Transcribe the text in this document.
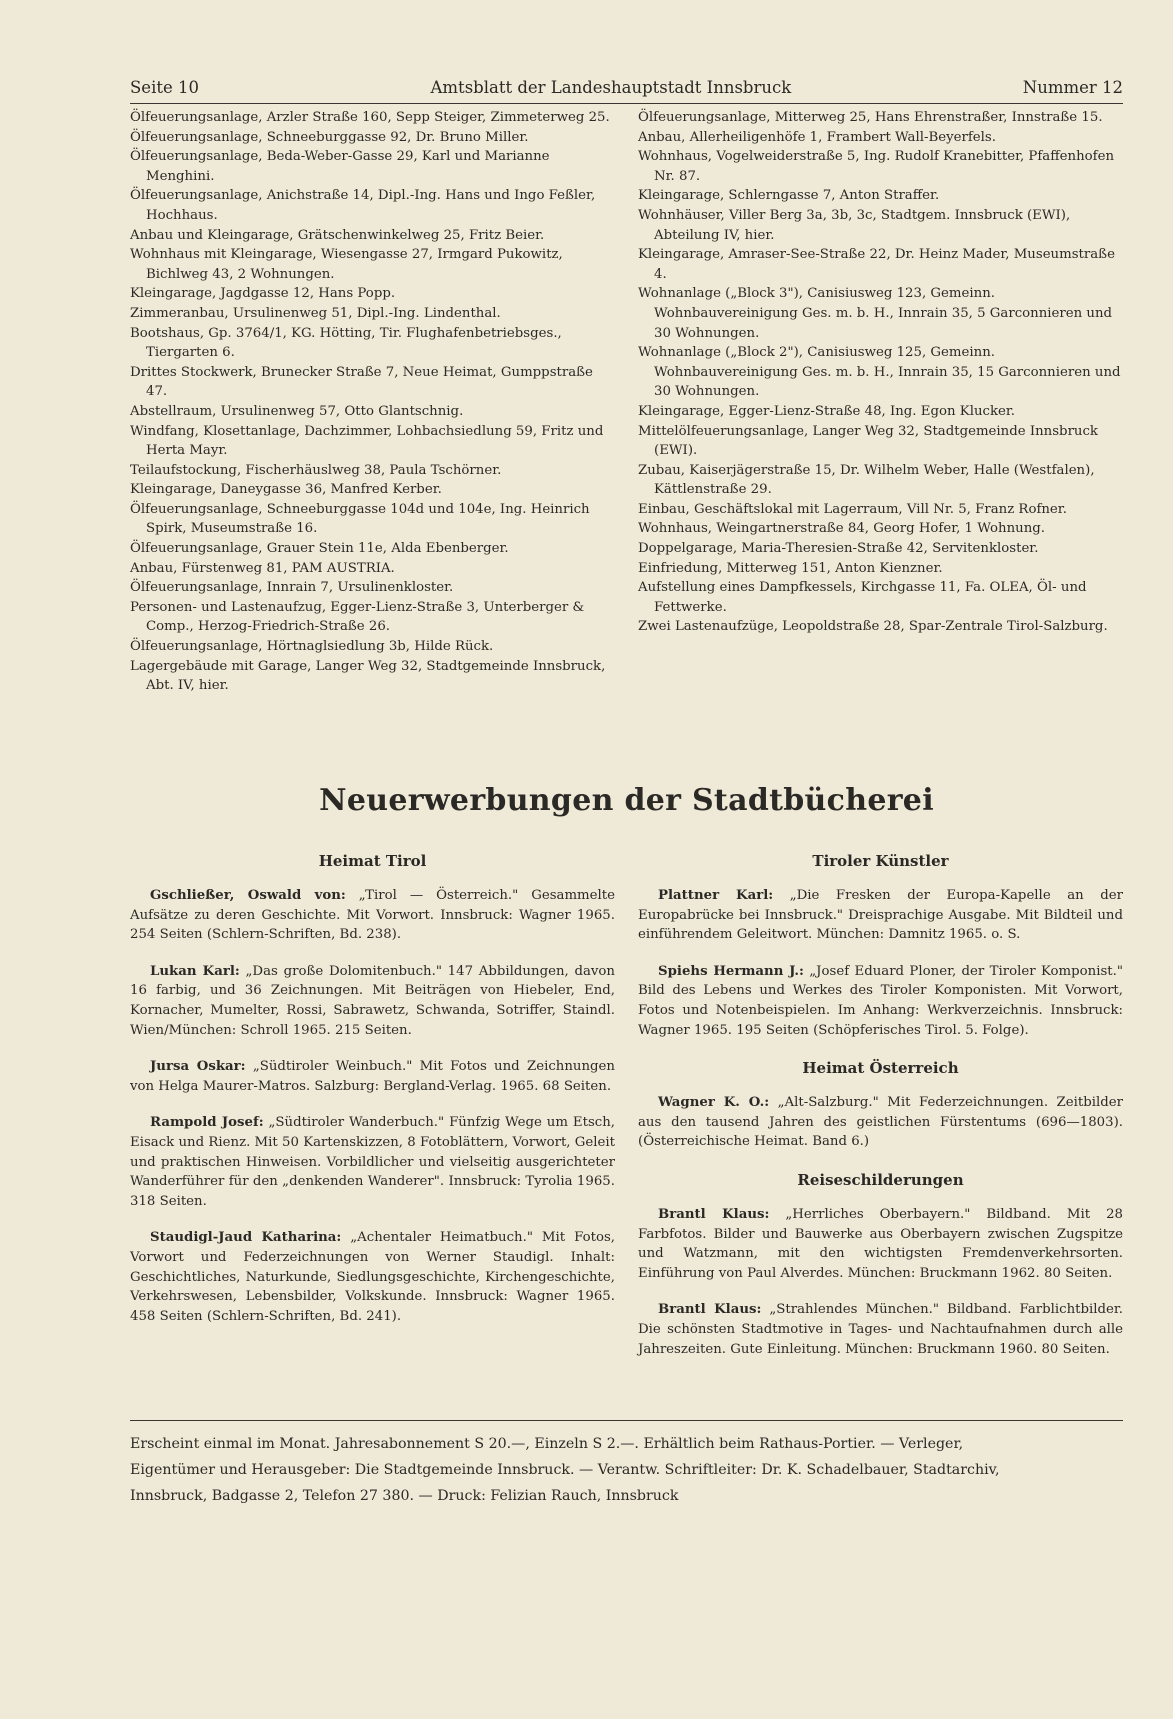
Seite 10	Amtsblatt der Landeshauptstadt Innsbruck	Nummer 12
Ölfeuerungsanlage, Arzler Straße 160, Sepp Steiger, Zimmeterweg 25.
Ölfeuerungsanlage, Schneeburggasse 92, Dr. Bruno Miller.
Ölfeuerungsanlage, Beda-Weber-Gasse 29, Karl und Marianne Menghini.
Ölfeuerungsanlage, Anichstraße 14, Dipl.-Ing. Hans und Ingo Feßler, Hochhaus.
Anbau und Kleingarage, Grätschenwinkelweg 25, Fritz Beier.
Wohnhaus mit Kleingarage, Wiesengasse 27, Irmgard Pukowitz, Bichlweg 43, 2 Wohnungen.
Kleingarage, Jagdgasse 12, Hans Popp.
Zimmeranbau, Ursulinenweg 51, Dipl.-Ing. Lindenthal.
Bootshaus, Gp. 3764/1, KG. Hötting, Tir. Flughafenbetriebsges., Tiergarten 6.
Drittes Stockwerk, Brunecker Straße 7, Neue Heimat, Gumppstraße 47.
Abstellraum, Ursulinenweg 57, Otto Glantschnig.
Windfang, Klosettanlage, Dachzimmer, Lohbachsiedlung 59, Fritz und Herta Mayr.
Teilaufstockung, Fischerhäuslweg 38, Paula Tschörner.
Kleingarage, Daneygasse 36, Manfred Kerber.
Ölfeuerungsanlage, Schneeburggasse 104d und 104e, Ing. Heinrich Spirk, Museumstraße 16.
Ölfeuerungsanlage, Grauer Stein 11e, Alda Ebenberger.
Anbau, Fürstenweg 81, PAM AUSTRIA.
Ölfeuerungsanlage, Innrain 7, Ursulinenkloster.
Personen- und Lastenaufzug, Egger-Lienz-Straße 3, Unterberger & Comp., Herzog-Friedrich-Straße 26.
Ölfeuerungsanlage, Hörtnaglsiedlung 3b, Hilde Rück.
Lagergebäude mit Garage, Langer Weg 32, Stadtgemeinde Innsbruck, Abt. IV, hier.
Ölfeuerungsanlage, Mitterweg 25, Hans Ehrenstraßer, Innstraße 15.
Anbau, Allerheiligenhöfe 1, Frambert Wall-Beyerfels.
Wohnhaus, Vogelweiderstraße 5, Ing. Rudolf Kranebitter, Pfaffenhofen Nr. 87.
Kleingarage, Schlerngasse 7, Anton Straffer.
Wohnhäuser, Viller Berg 3a, 3b, 3c, Stadtgem. Innsbruck (EWI), Abteilung IV, hier.
Kleingarage, Amraser-See-Straße 22, Dr. Heinz Mader, Museumstraße 4.
Wohnanlage („Block 3"), Canisiusweg 123, Gemeinn. Wohnbauvereinigung Ges. m. b. H., Innrain 35, 5 Garconnieren und 30 Wohnungen.
Wohnanlage („Block 2"), Canisiusweg 125, Gemeinn. Wohnbauvereinigung Ges. m. b. H., Innrain 35, 15 Garconnieren und 30 Wohnungen.
Kleingarage, Egger-Lienz-Straße 48, Ing. Egon Klucker.
Mittelölfeuerungsanlage, Langer Weg 32, Stadtgemeinde Innsbruck (EWI).
Zubau, Kaiserjägerstraße 15, Dr. Wilhelm Weber, Halle (Westfalen), Kättlenstraße 29.
Einbau, Geschäftslokal mit Lagerraum, Vill Nr. 5, Franz Rofner.
Wohnhaus, Weingartnerstraße 84, Georg Hofer, 1 Wohnung.
Doppelgarage, Maria-Theresien-Straße 42, Servitenkloster.
Einfriedung, Mitterweg 151, Anton Kienzner.
Aufstellung eines Dampfkessels, Kirchgasse 11, Fa. OLEA, Öl- und Fettwerke.
Zwei Lastenaufzüge, Leopoldstraße 28, Spar-Zentrale Tirol-Salzburg.
Neuerwerbungen der Stadtbücherei
Heimat Tirol

Gschließer, Oswald von: „Tirol — Österreich." Gesammelte Aufsätze zu deren Geschichte. Mit Vorwort. Innsbruck: Wagner 1965. 254 Seiten (Schlern-Schriften, Bd. 238).

Lukan Karl: „Das große Dolomitenbuch." 147 Abbildungen, davon 16 farbig, und 36 Zeichnungen. Mit Beiträgen von Hiebeler, End, Kornacher, Mumelter, Rossi, Sabrawetz, Schwanda, Sotriffer, Staindl. Wien/München: Schroll 1965. 215 Seiten.

Jursa Oskar: „Südtiroler Weinbuch." Mit Fotos und Zeichnungen von Helga Maurer-Matros. Salzburg: Bergland-Verlag. 1965. 68 Seiten.

Rampold Josef: „Südtiroler Wanderbuch." Fünfzig Wege um Etsch, Eisack und Rienz. Mit 50 Kartenskizzen, 8 Fotoblättern, Vorwort, Geleit und praktischen Hinweisen. Vorbildlicher und vielseitig ausgerichteter Wanderführer für den „denkenden Wanderer". Innsbruck: Tyrolia 1965. 318 Seiten.

Staudigl-Jaud Katharina: „Achentaler Heimatbuch." Mit Fotos, Vorwort und Federzeichnungen von Werner Staudigl. Inhalt: Geschichtliches, Naturkunde, Siedlungsgeschichte, Kirchengeschichte, Verkehrswesen, Lebensbilder, Volkskunde. Innsbruck: Wagner 1965. 458 Seiten (Schlern-Schriften, Bd. 241).

Tiroler Künstler

Plattner Karl: „Die Fresken der Europa-Kapelle an der Europabrücke bei Innsbruck." Dreisprachige Ausgabe. Mit Bildteil und einführendem Geleitwort. München: Damnitz 1965. o. S.

Spiehs Hermann J.: „Josef Eduard Ploner, der Tiroler Komponist." Bild des Lebens und Werkes des Tiroler Komponisten. Mit Vorwort, Fotos und Notenbeispielen. Im Anhang: Werkverzeichnis. Innsbruck: Wagner 1965. 195 Seiten (Schöpferisches Tirol. 5. Folge).

Heimat Österreich

Wagner K. O.: „Alt-Salzburg." Mit Federzeichnungen. Zeitbilder aus den tausend Jahren des geistlichen Fürstentums (696—1803). (Österreichische Heimat. Band 6.)

Reiseschilderungen

Brantl Klaus: „Herrliches Oberbayern." Bildband. Mit 28 Farbfotos. Bilder und Bauwerke aus Oberbayern zwischen Zugspitze und Watzmann, mit den wichtigsten Fremdenverkehrsorten. Einführung von Paul Alverdes. München: Bruckmann 1962. 80 Seiten.

Brantl Klaus: „Strahlendes München." Bildband. Farblichtbilder. Die schönsten Stadtmotive in Tages- und Nachtaufnahmen durch alle Jahreszeiten. Gute Einleitung. München: Bruckmann 1960. 80 Seiten.

Erscheint einmal im Monat. Jahresabonnement S 20.—, Einzeln S 2.—. Erhältlich beim Rathaus-Portier. — Verleger,
Eigentümer und Herausgeber: Die Stadtgemeinde Innsbruck. — Verantw. Schriftleiter: Dr. K. Schadelbauer, Stadtarchiv,
Innsbruck, Badgasse 2, Telefon 27 380. — Druck: Felizian Rauch, Innsbruck
